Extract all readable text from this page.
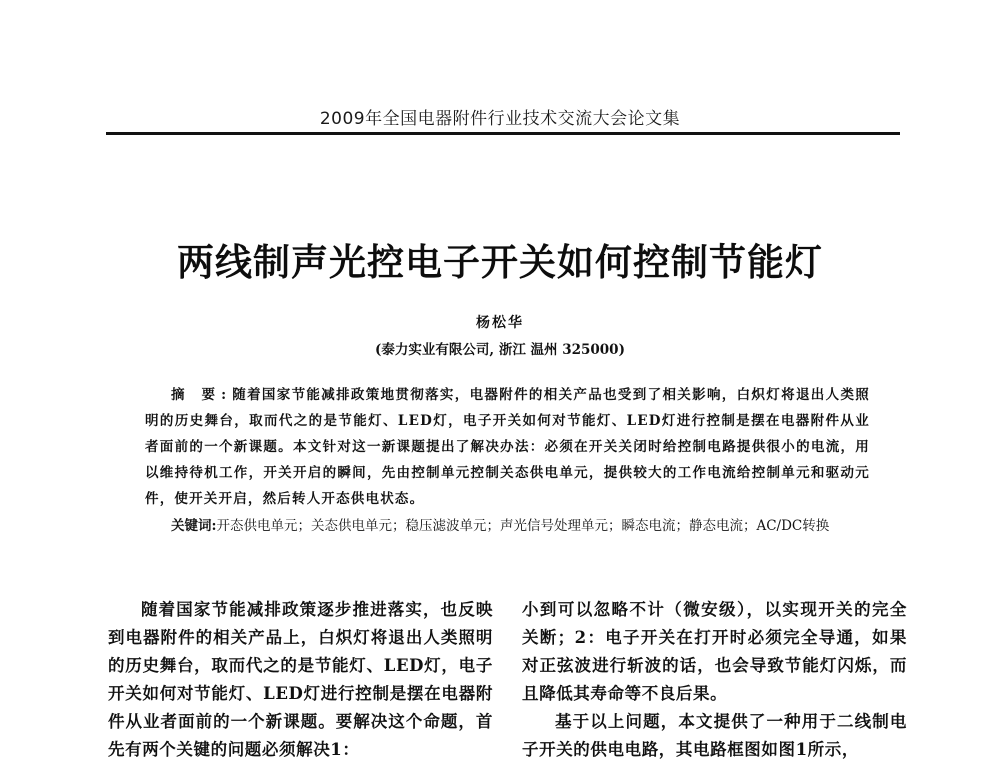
2009年全国电器附件行业技术交流大会论文集
两线制声光控电子开关如何控制节能灯
杨松华
(泰力实业有限公司, 浙江 温州 325000)
摘 要:随着国家节能减排政策地贯彻落实，电器附件的相关产品也受到了相关影响，白炽灯将退出人类照明的历史舞台，取而代之的是节能灯、LED灯，电子开关如何对节能灯、LED灯进行控制是摆在电器附件从业者面前的一个新课题。本文针对这一新课题提出了解决办法：必须在开关关闭时给控制电路提供很小的电流，用以维持待机工作，开关开启的瞬间，先由控制单元控制关态供电单元，提供较大的工作电流给控制单元和驱动元件，使开关开启，然后转人开态供电状态。
关键词:开态供电单元；关态供电单元；稳压滤波单元；声光信号处理单元；瞬态电流；静态电流；AC/DC转换

随着国家节能减排政策逐步推进落实，也反映到电器附件的相关产品上，白炽灯将退出人类照明的历史舞台，取而代之的是节能灯、LED灯，电子开关如何对节能灯、LED灯进行控制是摆在电器附件从业者面前的一个新课题。要解决这个命题，首先有两个关键的问题必须解决1：

小到可以忽略不计（微安级），以实现开关的完全关断；2：电子开关在打开时必须完全导通，如果对正弦波进行斩波的话，也会导致节能灯闪烁，而且降低其寿命等不良后果。

基于以上问题，本文提供了一种用于二线制电子开关的供电电路，其电路框图如图1所示，
